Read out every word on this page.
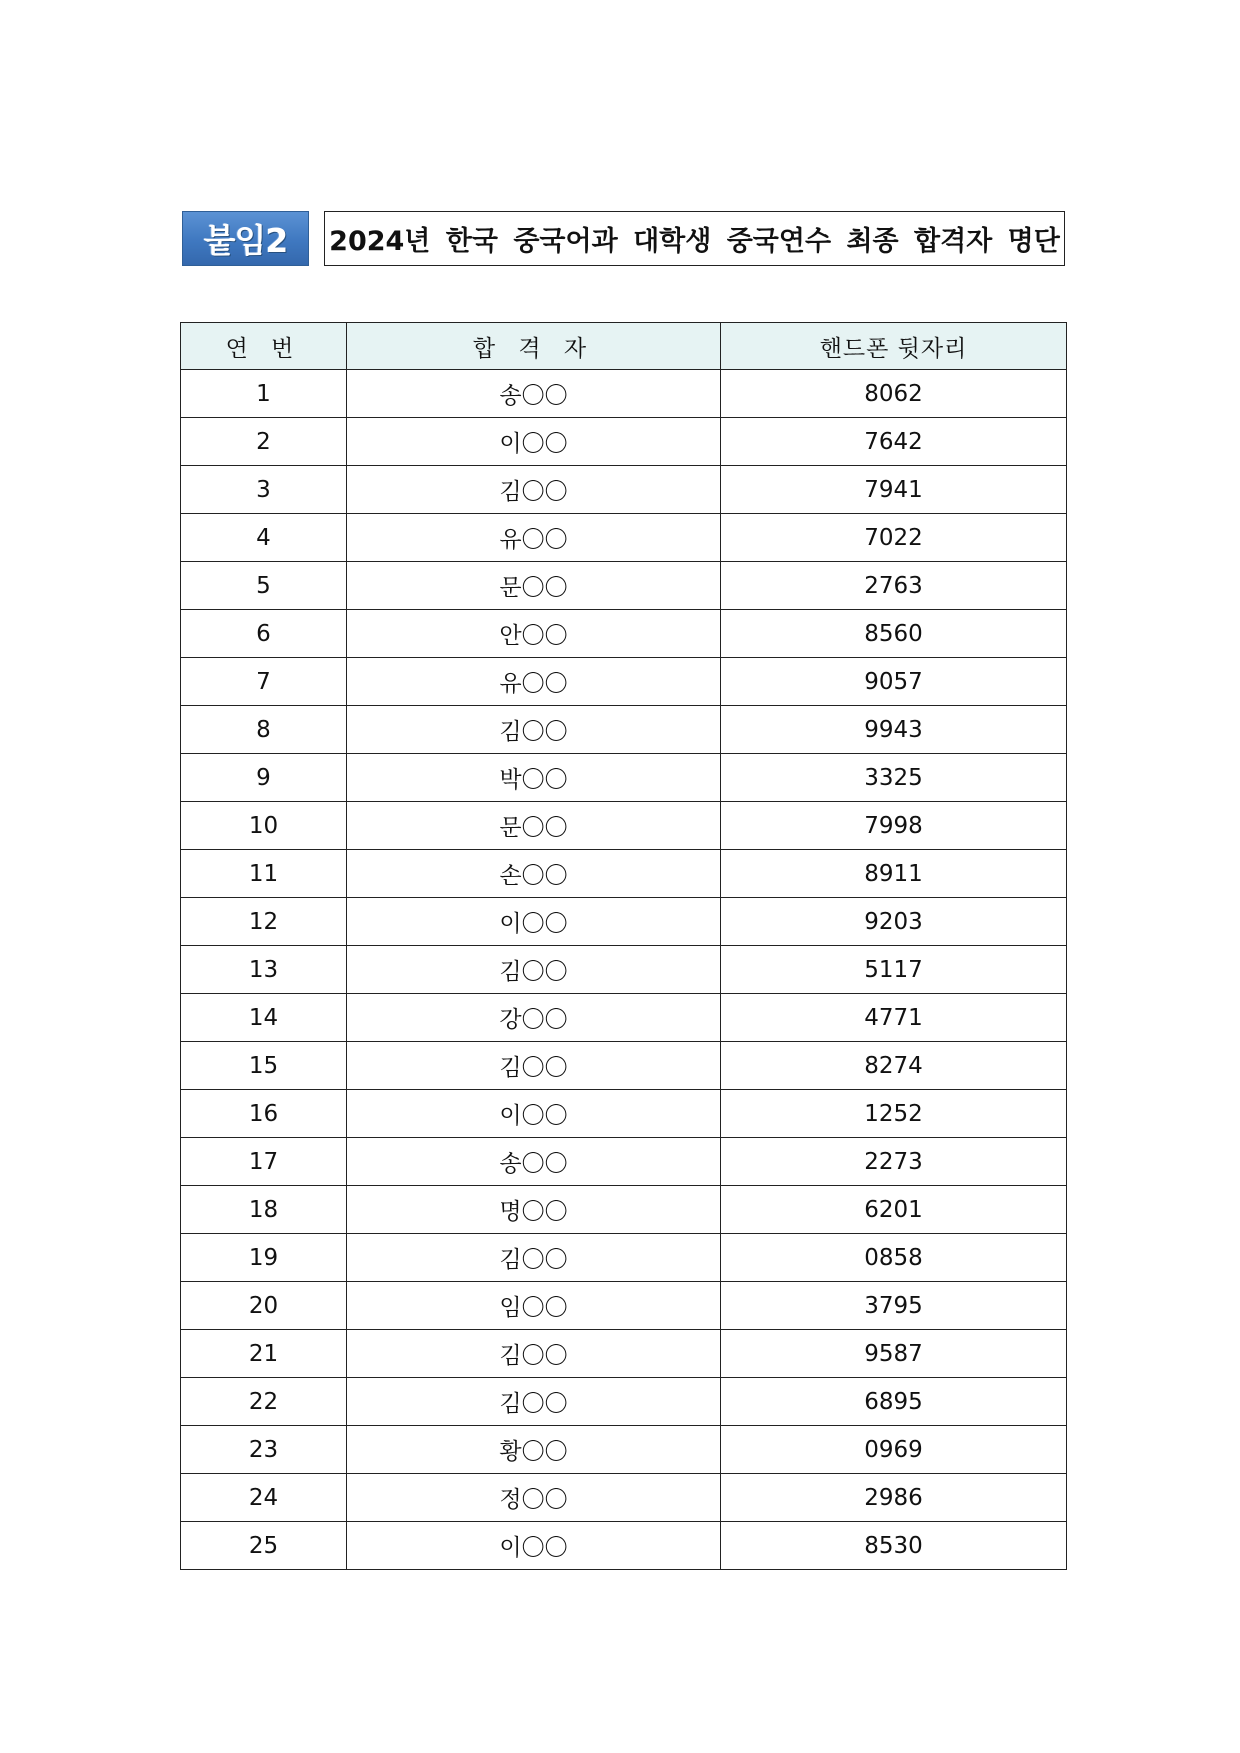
붙임2	2024년 한국 중국어과 대학생 중국연수 최종 합격자 명단
연 번	합 격 자	핸드폰 뒷자리
1	송〇〇	8062
2	이〇〇	7642
3	김〇〇	7941
4	유〇〇	7022
5	문〇〇	2763
6	안〇〇	8560
7	유〇〇	9057
8	김〇〇	9943
9	박〇〇	3325
10	문〇〇	7998
11	손〇〇	8911
12	이〇〇	9203
13	김〇〇	5117
14	강〇〇	4771
15	김〇〇	8274
16	이〇〇	1252
17	송〇〇	2273
18	명〇〇	6201
19	김〇〇	0858
20	임〇〇	3795
21	김〇〇	9587
22	김〇〇	6895
23	황〇〇	0969
24	정〇〇	2986
25	이〇〇	8530
